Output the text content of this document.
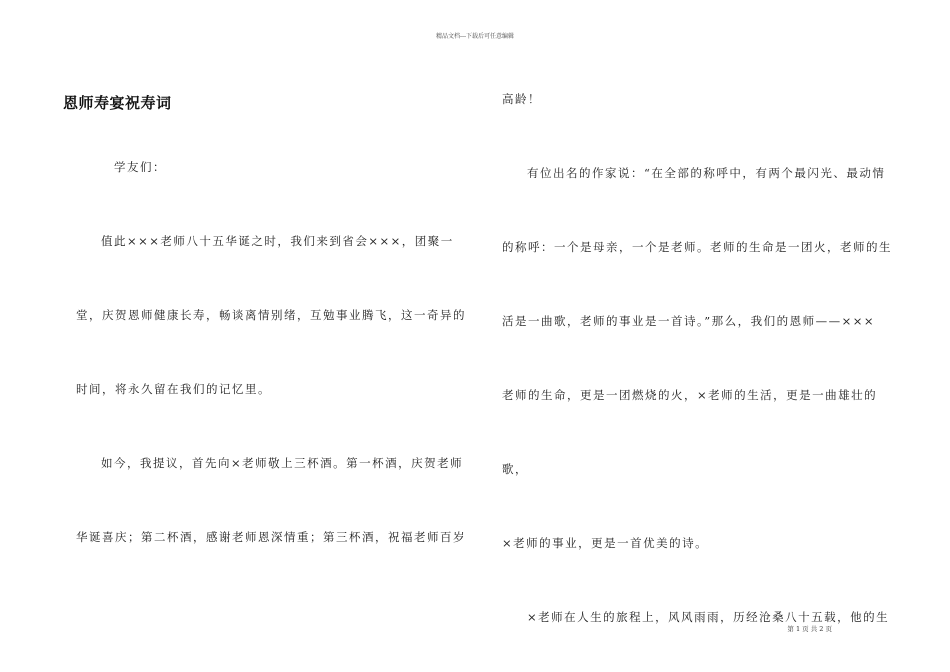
精品文档---下载后可任意编辑
恩师寿宴祝寿词

学友们：

值此×××老师八十五华诞之时，我们来到省会×××，团聚一
堂，庆贺恩师健康长寿，畅谈离情别绪，互勉事业腾飞，这一奇异的
时间，将永久留在我们的记忆里。

如今，我提议，首先向×老师敬上三杯酒。第一杯酒，庆贺老师
华诞喜庆；第二杯酒，感谢老师恩深情重；第三杯酒，祝福老师百岁

高龄！

有位出名的作家说：“在全部的称呼中，有两个最闪光、最动情
的称呼：一个是母亲，一个是老师。老师的生命是一团火，老师的生
活是一曲歌，老师的事业是一首诗。”那么，我们的恩师——×××
老师的生命，更是一团燃烧的火，×老师的生活，更是一曲雄壮的歌，
×老师的事业，更是一首优美的诗。

×老师在人生的旅程上，风风雨雨，历经沧桑八十五载，他的生

第 1 页 共 2 页
